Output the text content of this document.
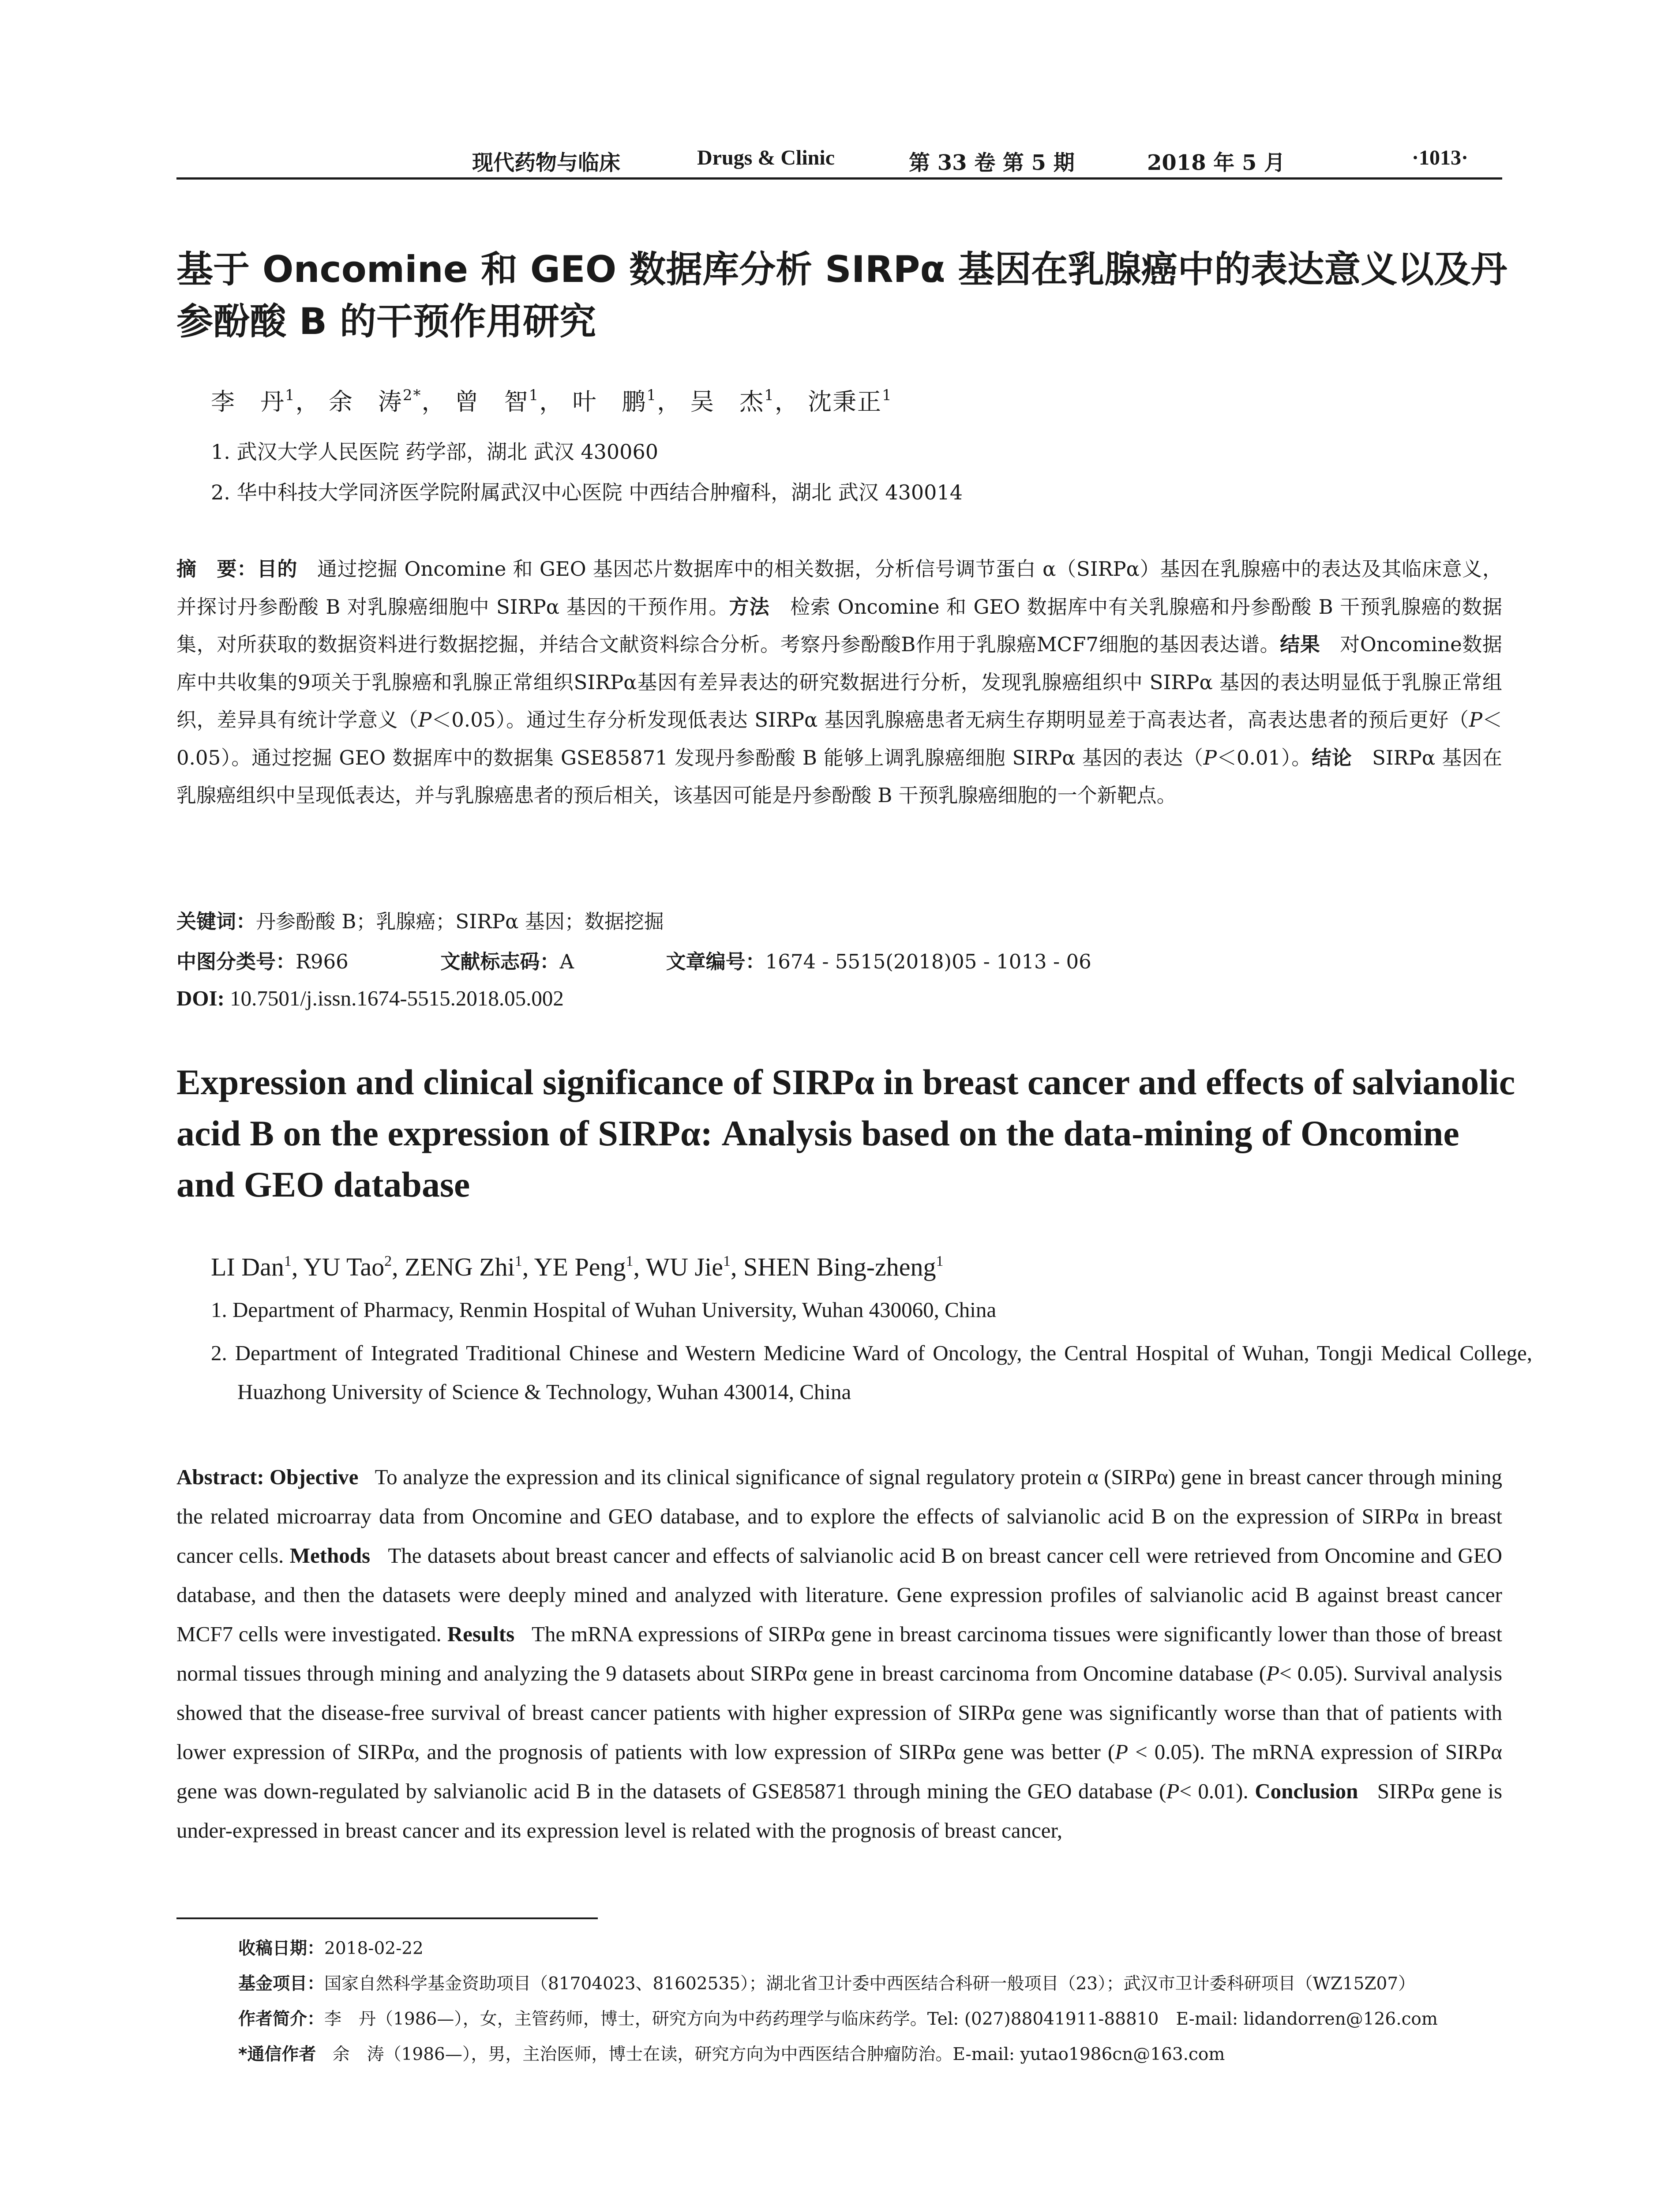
现代药物与临床	Drugs & Clinic	第 33 卷 第 5 期	2018 年 5 月	·1013·
基于 Oncomine 和 GEO 数据库分析 SIRPα 基因在乳腺癌中的表达意义以及丹参酚酸 B 的干预作用研究
李　丹$^1$， 余　涛$^{2*}$， 曾　智$^1$， 叶　鹏$^1$， 吴　杰$^1$， 沈秉正$^1$
1. 武汉大学人民医院 药学部，湖北 武汉 430060
2. 华中科技大学同济医学院附属武汉中心医院 中西结合肿瘤科，湖北 武汉 430014

摘　要：目的 通过挖掘 Oncomine 和 GEO 基因芯片数据库中的相关数据，分析信号调节蛋白 α（SIRPα）基因在乳腺癌中的表达及其临床意义，并探讨丹参酚酸 B 对乳腺癌细胞中 SIRPα 基因的干预作用。方法 检索 Oncomine 和 GEO 数据库中有关乳腺癌和丹参酚酸 B 干预乳腺癌的数据集，对所获取的数据资料进行数据挖掘，并结合文献资料综合分析。考察丹参酚酸B作用于乳腺癌MCF7细胞的基因表达谱。结果 对Oncomine数据库中共收集的9项关于乳腺癌和乳腺正常组织SIRPα基因有差异表达的研究数据进行分析，发现乳腺癌组织中 SIRPα 基因的表达明显低于乳腺正常组织，差异具有统计学意义（P＜0.05）。通过生存分析发现低表达 SIRPα 基因乳腺癌患者无病生存期明显差于高表达者，高表达患者的预后更好（P＜0.05）。通过挖掘 GEO 数据库中的数据集 GSE85871 发现丹参酚酸 B 能够上调乳腺癌细胞 SIRPα 基因的表达（P＜0.01）。结论 SIRPα 基因在乳腺癌组织中呈现低表达，并与乳腺癌患者的预后相关，该基因可能是丹参酚酸 B 干预乳腺癌细胞的一个新靶点。

关键词：丹参酚酸 B；乳腺癌；SIRPα 基因；数据挖掘
中图分类号：R966	文献标志码：A	文章编号：1674 - 5515(2018)05 - 1013 - 06
DOI: 10.7501/j.issn.1674-5515.2018.05.002
Expression and clinical significance of SIRPα in breast cancer and effects of salvianolic acid B on the expression of SIRPα: Analysis based on the data-mining of Oncomine and GEO database
LI Dan$^1$, YU Tao$^2$, ZENG Zhi$^1$, YE Peng$^1$, WU Jie$^1$, SHEN Bing-zheng$^1$
1. Department of Pharmacy, Renmin Hospital of Wuhan University, Wuhan 430060, China
2. Department of Integrated Traditional Chinese and Western Medicine Ward of Oncology, the Central Hospital of Wuhan, Tongji Medical College, Huazhong University of Science & Technology, Wuhan 430014, China

Abstract: Objective To analyze the expression and its clinical significance of signal regulatory protein α (SIRPα) gene in breast cancer through mining the related microarray data from Oncomine and GEO database, and to explore the effects of salvianolic acid B on the expression of SIRPα in breast cancer cells. Methods The datasets about breast cancer and effects of salvianolic acid B on breast cancer cell were retrieved from Oncomine and GEO database, and then the datasets were deeply mined and analyzed with literature. Gene expression profiles of salvianolic acid B against breast cancer MCF7 cells were investigated. Results The mRNA expressions of SIRPα gene in breast carcinoma tissues were significantly lower than those of breast normal tissues through mining and analyzing the 9 datasets about SIRPα gene in breast carcinoma from Oncomine database (P< 0.05). Survival analysis showed that the disease-free survival of breast cancer patients with higher expression of SIRPα gene was significantly worse than that of patients with lower expression of SIRPα, and the prognosis of patients with low expression of SIRPα gene was better (P < 0.05). The mRNA expression of SIRPα gene was down-regulated by salvianolic acid B in the datasets of GSE85871 through mining the GEO database (P< 0.01). Conclusion SIRPα gene is under-expressed in breast cancer and its expression level is related with the prognosis of breast cancer,

收稿日期：2018-02-22
基金项目：国家自然科学基金资助项目（81704023、81602535）；湖北省卫计委中西医结合科研一般项目（23）；武汉市卫计委科研项目（WZ15Z07）
作者简介：李　丹（1986—），女，主管药师，博士，研究方向为中药药理学与临床药学。Tel: (027)88041911-88810　E-mail: lidandorren@126.com
*通信作者 余　涛（1986—），男，主治医师，博士在读，研究方向为中西医结合肿瘤防治。E-mail: yutao1986cn@163.com
